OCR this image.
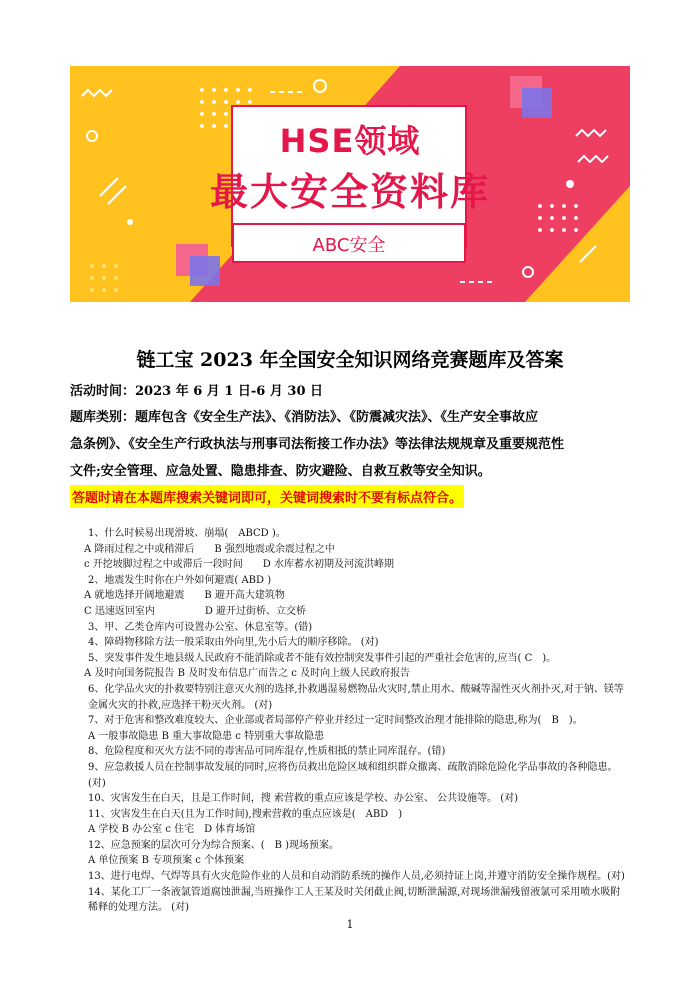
HSE领域
最大安全资料库
ABC安全
链工宝 2023 年全国安全知识网络竞赛题库及答案
活动时间：2023 年 6 月 1 日-6 月 30 日
题库类别：题库包含《安全生产法》、《消防法》、《防震减灾法》、《生产安全事故应
急条例》、《安全生产行政执法与刑事司法衔接工作办法》等法律法规规章及重要规范性
文件;安全管理、应急处置、隐患排查、防灾避险、自救互救等安全知识。
答题时请在本题库搜索关键词即可，关键词搜索时不要有标点符合。

1、什么时候易出现滑坡、崩塌(　ABCD )。

A 降雨过程之中或稍滞后　　B 强烈地震或余震过程之中

c 开挖坡脚过程之中或滞后一段时间　　D 水库蓄水初期及河流洪峰期

2、地震发生时你在户外如何避震( ABD )

A 就地选择开阔地避震　　B 避开高大建筑物

C 迅速返回室内　　　　　D 避开过街桥、立交桥

3、甲、乙类仓库内可设置办公室、休息室等。(错)

4、障碍物移除方法一般采取由外向里,先小后大的顺序移除。 (对)

5、突发事件发生地县级人民政府不能消除或者不能有效控制突发事件引起的严重社会危害的,应当( C　)。

A 及时向国务院报告 B 及时发布信息广而告之 c 及时向上级人民政府报告

6、化学品火灾的扑救要特别注意灭火剂的选择,扑救遇湿易燃物品火灾时,禁止用水、酸碱等湿性灭火剂扑灭,对于钠、镁等金属火灾的扑救,应选择干粉灭火剂。 (对)

7、对于危害和整改难度较大、企业部或者局部停产停业并经过一定时间整改治理才能排除的隐患,称为(　B　)。

A 一般事故隐患 B 重大事故隐患 c 特别重大事故隐患

8、危险程度和灭火方法不同的毒害品可同库混存,性质相抵的禁止同库混存。(错)

9、应急救援人员在控制事故发展的同时,应将伤员救出危险区域和组织群众撤离、疏散消除危险化学品事故的各种隐患。(对)

10、灾害发生在白天，且是工作时间，搜 索营救的重点应该是学校、办公室、 公共设施等。 (对)

11、灾害发生在白天(且为工作时间),搜索营救的重点应该是(　ABD　)

A 学校 B 办公室 c 住宅　D 体育场馆

12、应急预案的层次可分为综合预案、(　B )现场预案。

A 单位预案 B 专项预案 c 个体预案

13、进行电焊、气焊等具有火灾危险作业的人员和自动消防系统的操作人员,必须持证上岗,并遵守消防安全操作规程。(对)

14、某化工厂一条液氯管道腐蚀泄漏,当班操作工人王某及时关闭截止阀,切断泄漏源,对现场泄漏残留液氯可采用喷水吸附稀释的处理方法。 (对)

1
